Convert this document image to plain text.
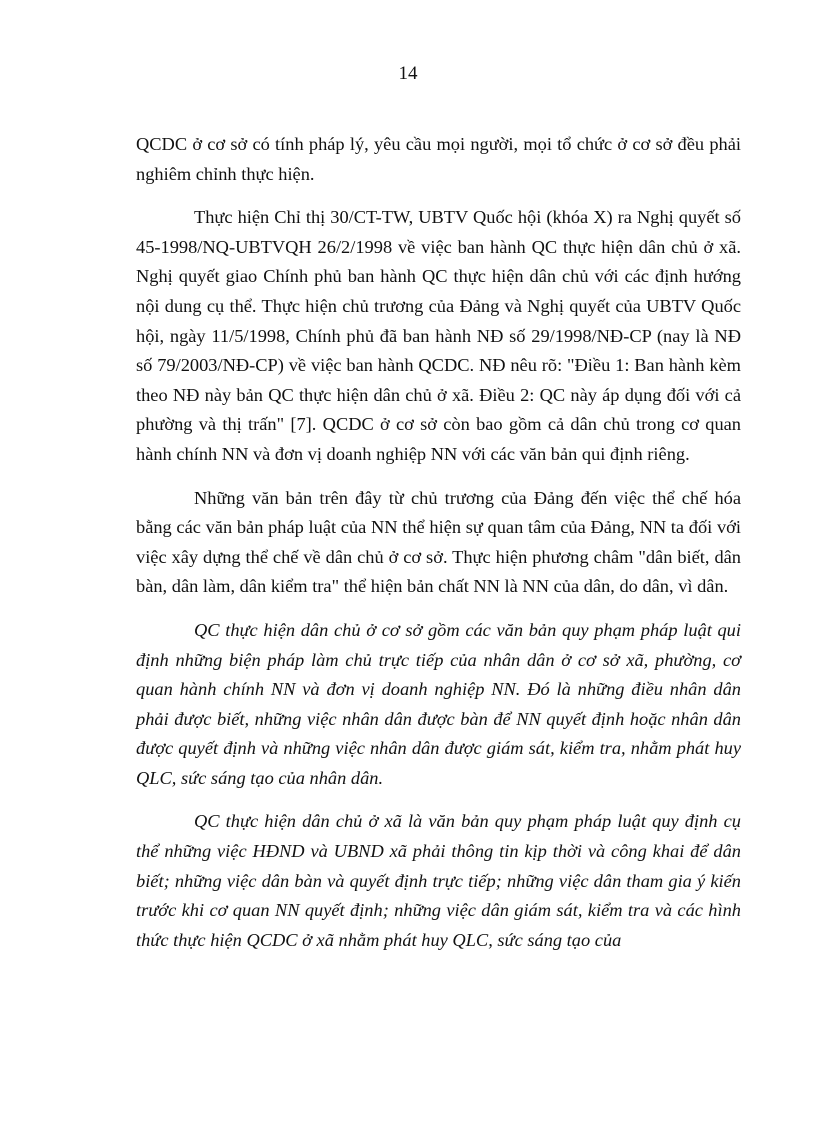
14

QCDC ở cơ sở có tính pháp lý, yêu cầu mọi người, mọi tổ chức ở cơ sở đều phải nghiêm chỉnh thực hiện.

Thực hiện Chỉ thị 30/CT-TW, UBTV Quốc hội (khóa X) ra Nghị quyết số 45-1998/NQ-UBTVQH 26/2/1998 về việc ban hành QC thực hiện dân chủ ở xã. Nghị quyết giao Chính phủ ban hành QC thực hiện dân chủ với các định hướng nội dung cụ thể. Thực hiện chủ trương của Đảng và Nghị quyết của UBTV Quốc hội, ngày 11/5/1998, Chính phủ đã ban hành NĐ số 29/1998/NĐ-CP (nay là NĐ số 79/2003/NĐ-CP) về việc ban hành QCDC. NĐ nêu rõ: "Điều 1: Ban hành kèm theo NĐ này bản QC thực hiện dân chủ ở xã. Điều 2: QC này áp dụng đối với cả phường và thị trấn" [7]. QCDC ở cơ sở còn bao gồm cả dân chủ trong cơ quan hành chính NN và đơn vị doanh nghiệp NN với các văn bản qui định riêng.

Những văn bản trên đây từ chủ trương của Đảng đến việc thể chế hóa bằng các văn bản pháp luật của NN thể hiện sự quan tâm của Đảng, NN ta đối với việc xây dựng thể chế về dân chủ ở cơ sở. Thực hiện phương châm "dân biết, dân bàn, dân làm, dân kiểm tra" thể hiện bản chất NN là NN của dân, do dân, vì dân.

QC thực hiện dân chủ ở cơ sở gồm các văn bản quy phạm pháp luật qui định những biện pháp làm chủ trực tiếp của nhân dân ở cơ sở xã, phường, cơ quan hành chính NN và đơn vị doanh nghiệp NN. Đó là những điều nhân dân phải được biết, những việc nhân dân được bàn để NN quyết định hoặc nhân dân được quyết định và những việc nhân dân được giám sát, kiểm tra, nhằm phát huy QLC, sức sáng tạo của nhân dân.

QC thực hiện dân chủ ở xã là văn bản quy phạm pháp luật quy định cụ thể những việc HĐND và UBND xã phải thông tin kịp thời và công khai để dân biết; những việc dân bàn và quyết định trực tiếp; những việc dân tham gia ý kiến trước khi cơ quan NN quyết định; những việc dân giám sát, kiểm tra và các hình thức thực hiện QCDC ở xã nhằm phát huy QLC, sức sáng tạo của
